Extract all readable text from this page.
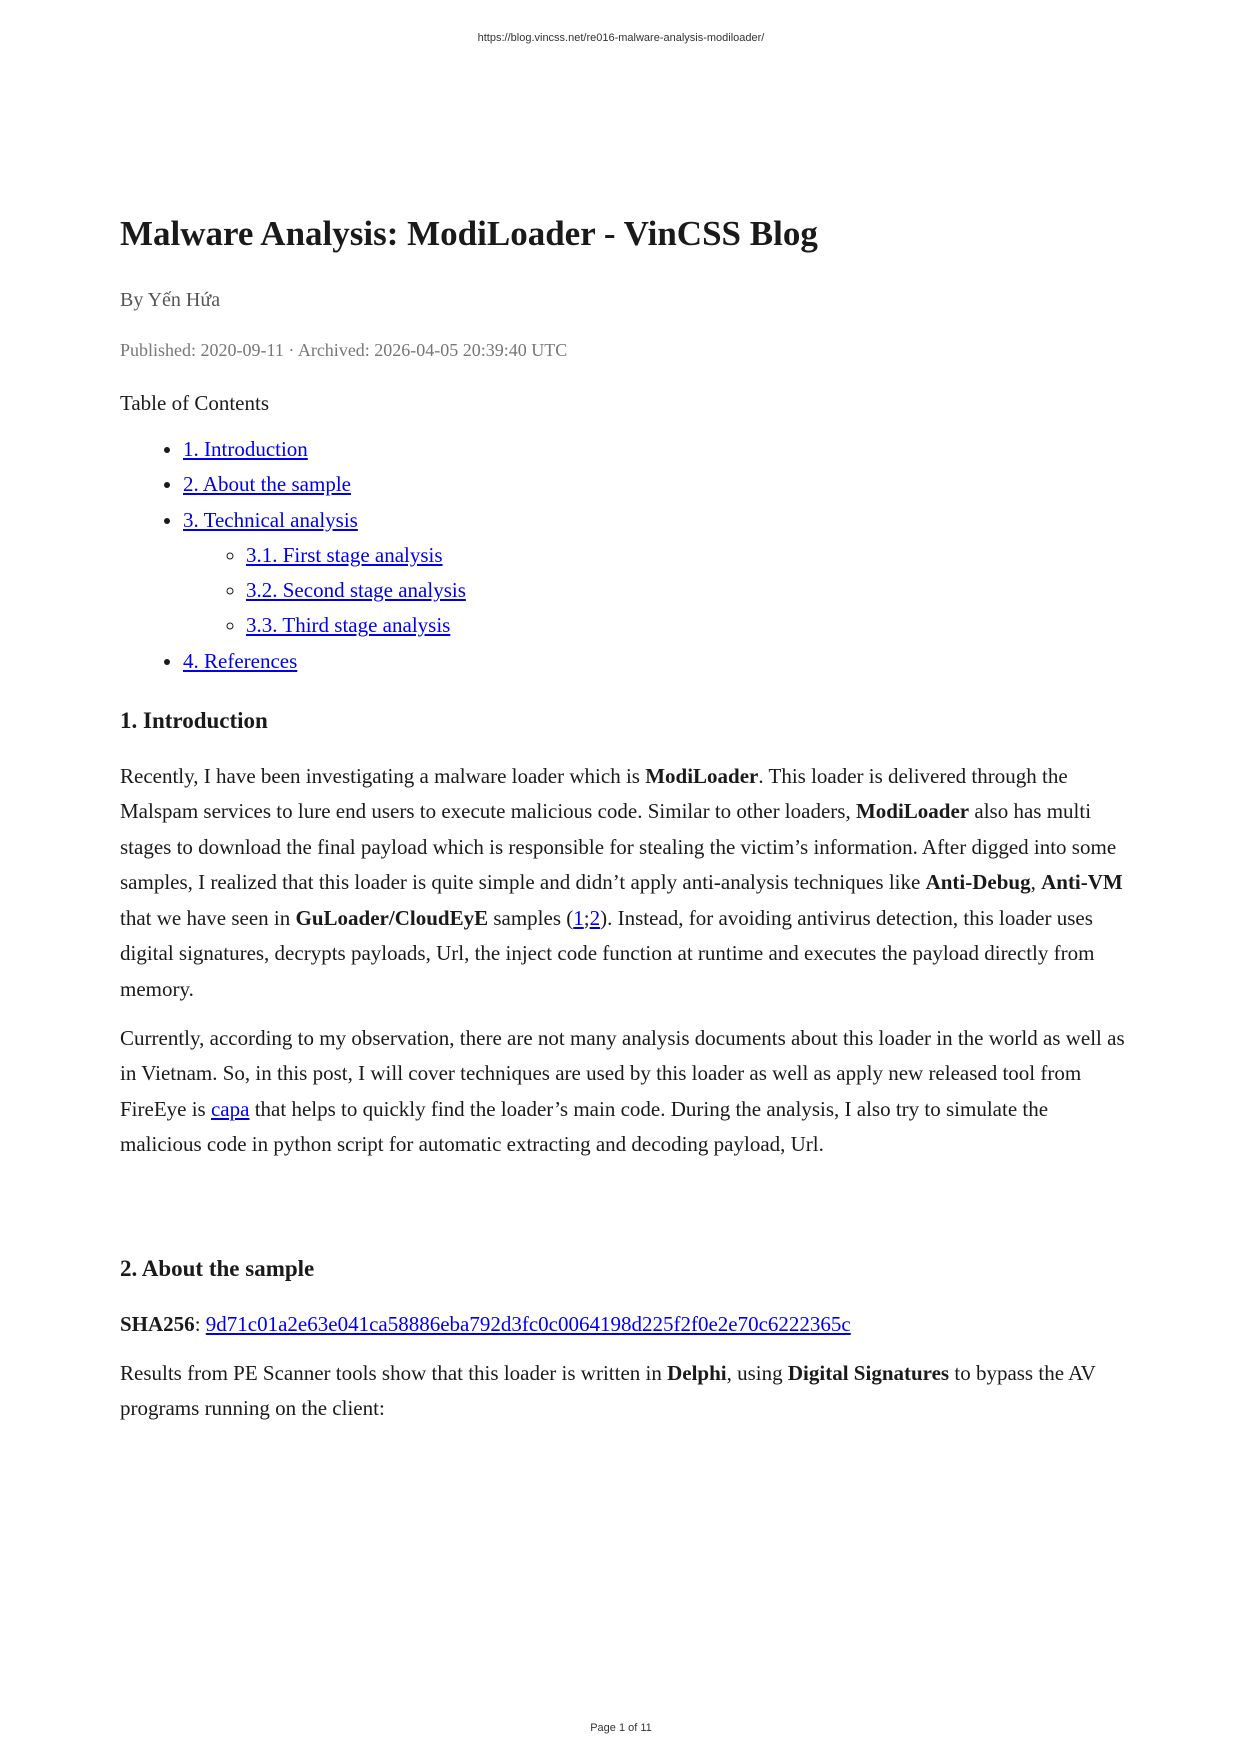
https://blog.vincss.net/re016-malware-analysis-modiloader/
Malware Analysis: ModiLoader - VinCSS Blog
By Yến Hứa
Published: 2020-09-11 · Archived: 2026-04-05 20:39:40 UTC
Table of Contents
• 1. Introduction
• 2. About the sample
• 3. Technical analysis
◦ 3.1. First stage analysis
◦ 3.2. Second stage analysis
◦ 3.3. Third stage analysis
• 4. References
1. Introduction

Recently, I have been investigating a malware loader which is ModiLoader. This loader is delivered through the Malspam services to lure end users to execute malicious code. Similar to other loaders, ModiLoader also has multi stages to download the final payload which is responsible for stealing the victim’s information. After digged into some samples, I realized that this loader is quite simple and didn’t apply anti-analysis techniques like Anti-Debug, Anti-VM that we have seen in GuLoader/CloudEyE samples (1;2). Instead, for avoiding antivirus detection, this loader uses digital signatures, decrypts payloads, Url, the inject code function at runtime and executes the payload directly from memory.

Currently, according to my observation, there are not many analysis documents about this loader in the world as well as in Vietnam. So, in this post, I will cover techniques are used by this loader as well as apply new released tool from FireEye is capa that helps to quickly find the loader’s main code. During the analysis, I also try to simulate the malicious code in python script for automatic extracting and decoding payload, Url.

2. About the sample

SHA256: 9d71c01a2e63e041ca58886eba792d3fc0c0064198d225f2f0e2e70c6222365c

Results from PE Scanner tools show that this loader is written in Delphi, using Digital Signatures to bypass the AV programs running on the client:

Page 1 of 11
